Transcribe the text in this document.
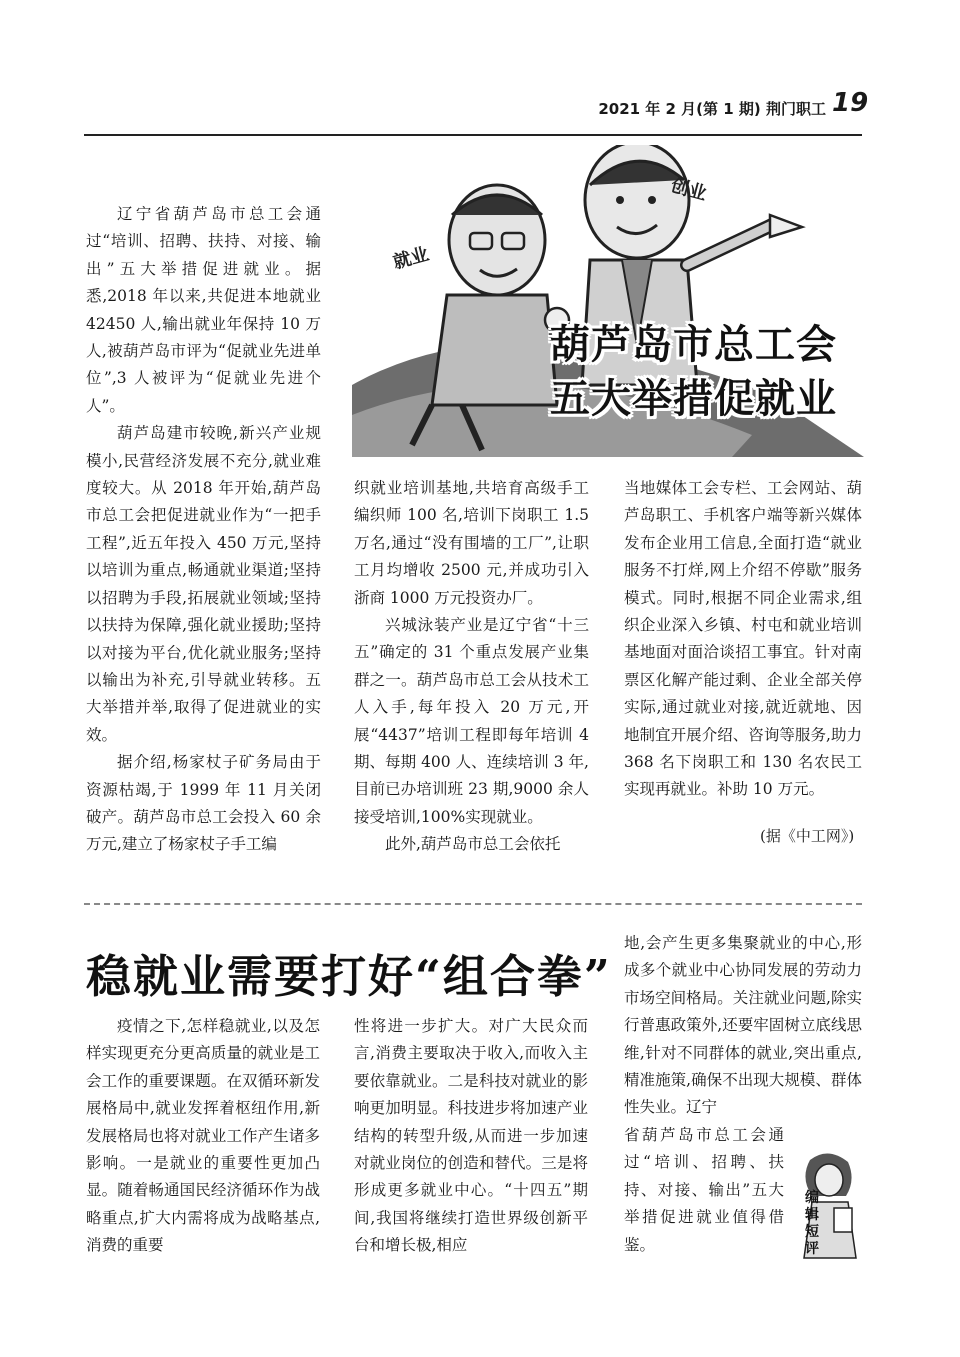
2021 年 2 月(第 1 期) 荆门职工 19

辽宁省葫芦岛市总工会通过“培训、招聘、扶持、对接、输出”五大举措促进就业。据悉,2018 年以来,共促进本地就业 42450 人,输出就业年保持 10 万人,被葫芦岛市评为“促就业先进单位”,3 人被评为“促就业先进个人”。

葫芦岛建市较晚,新兴产业规模小,民营经济发展不充分,就业难度较大。从 2018 年开始,葫芦岛市总工会把促进就业作为“一把手工程”,近五年投入 450 万元,坚持以培训为重点,畅通就业渠道;坚持以招聘为手段,拓展就业领域;坚持以扶持为保障,强化就业援助;坚持以对接为平台,优化就业服务;坚持以输出为补充,引导就业转移。五大举措并举,取得了促进就业的实效。

据介绍,杨家杖子矿务局由于资源枯竭,于 1999 年 11 月关闭破产。葫芦岛市总工会投入 60 余万元,建立了杨家杖子手工编

就业
创业
葫芦岛市总工会
五大举措促就业

织就业培训基地,共培育高级手工编织师 100 名,培训下岗职工 1.5 万名,通过“没有围墙的工厂”,让职工月均增收 2500 元,并成功引入浙商 1000 万元投资办厂。

兴城泳装产业是辽宁省“十三五”确定的 31 个重点发展产业集群之一。葫芦岛市总工会从技术工人入手,每年投入 20 万元,开展“4437”培训工程即每年培训 4 期、每期 400 人、连续培训 3 年,目前已办培训班 23 期,9000 余人接受培训,100%实现就业。

此外,葫芦岛市总工会依托

当地媒体工会专栏、工会网站、葫芦岛职工、手机客户端等新兴媒体发布企业用工信息,全面打造“就业服务不打烊,网上介绍不停歇”服务模式。同时,根据不同企业需求,组织企业深入乡镇、村屯和就业培训基地面对面洽谈招工事宜。针对南票区化解产能过剩、企业全部关停实际,通过就业对接,就近就地、因地制宜开展介绍、咨询等服务,助力 368 名下岗职工和 130 名农民工实现再就业。补助 10 万元。

(据《中工网》)
稳就业需要打好“组合拳”

疫情之下,怎样稳就业,以及怎样实现更充分更高质量的就业是工会工作的重要课题。在双循环新发展格局中,就业发挥着枢纽作用,新发展格局也将对就业工作产生诸多影响。一是就业的重要性更加凸显。随着畅通国民经济循环作为战略重点,扩大内需将成为战略基点,消费的重要

性将进一步扩大。对广大民众而言,消费主要取决于收入,而收入主要依靠就业。二是科技对就业的影响更加明显。科技进步将加速产业结构的转型升级,从而进一步加速对就业岗位的创造和替代。三是将形成更多就业中心。“十四五”期间,我国将继续打造世界级创新平台和增长极,相应

地,会产生更多集聚就业的中心,形成多个就业中心协同发展的劳动力市场空间格局。关注就业问题,除实行普惠政策外,还要牢固树立底线思维,针对不同群体的就业,突出重点,精准施策,确保不出现大规模、群体性失业。辽宁

省葫芦岛市总工会通过“培训、招聘、扶持、对接、输出”五大举措促进就业值得借鉴。

编辑短评
